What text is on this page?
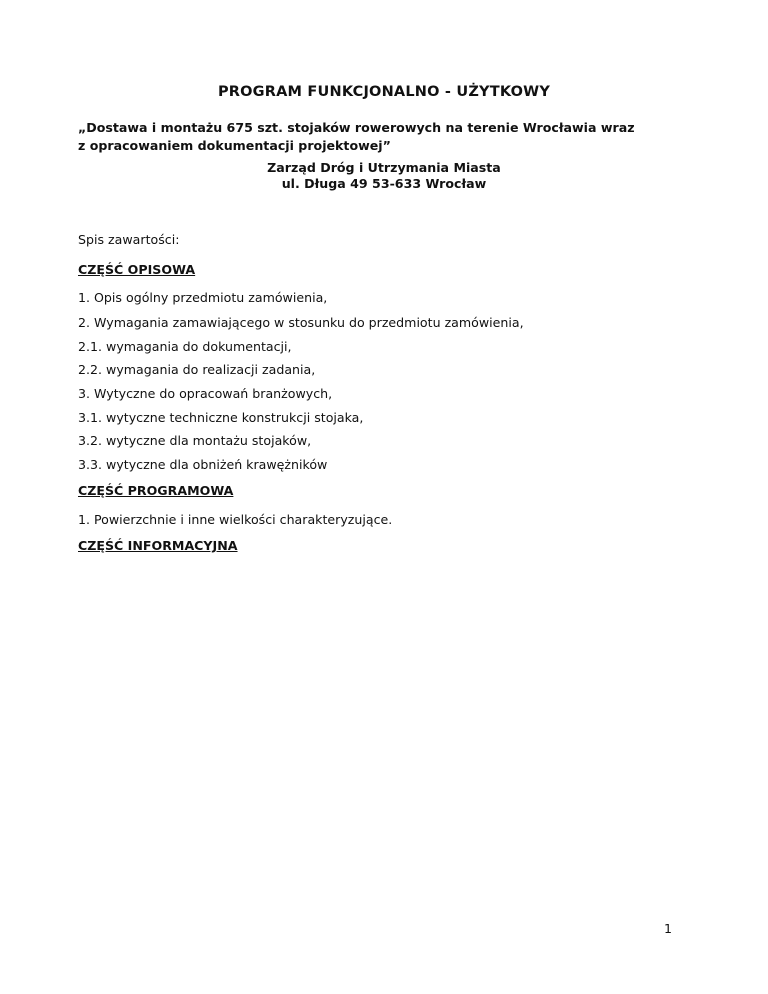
PROGRAM FUNKCJONALNO - UŻYTKOWY
„Dostawa i montażu 675 szt. stojaków rowerowych na terenie Wrocławia wraz
z opracowaniem dokumentacji projektowej”
Zarząd Dróg i Utrzymania Miasta
ul. Długa 49 53-633 Wrocław
Spis zawartości:
CZĘŚĆ OPISOWA
1. Opis ogólny przedmiotu zamówienia,
2. Wymagania zamawiającego w stosunku do przedmiotu zamówienia,
2.1. wymagania do dokumentacji,
2.2. wymagania do realizacji zadania,
3. Wytyczne do opracowań branżowych,
3.1. wytyczne techniczne konstrukcji stojaka,
3.2. wytyczne dla montażu stojaków,
3.3. wytyczne dla obniżeń krawężników
CZĘŚĆ PROGRAMOWA
1. Powierzchnie i inne wielkości charakteryzujące.
CZĘŚĆ INFORMACYJNA
1
